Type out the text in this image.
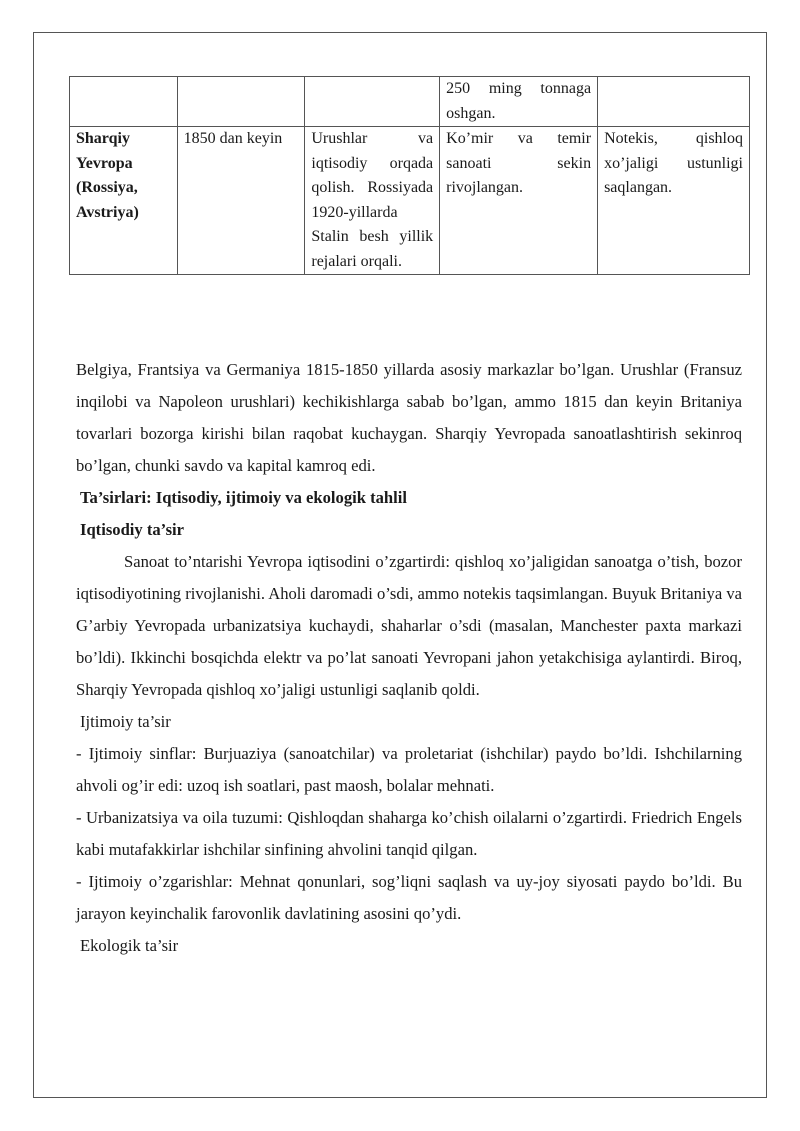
			250 ming tonnaga oshgan.	
Sharqiy Yevropa (Rossiya, Avstriya)	1850 dan keyin	Urushlar va iqtisodiy orqada qolish. Rossiyada 1920-yillarda Stalin besh yillik rejalari orqali.	Ko’mir va temir sanoati sekin rivojlangan.	Notekis, qishloq xo’jaligi ustunligi saqlangan.

Belgiya, Frantsiya va Germaniya 1815-1850 yillarda asosiy markazlar bo’lgan. Urushlar (Fransuz inqilobi va Napoleon urushlari) kechikishlarga sabab bo’lgan, ammo 1815 dan keyin Britaniya tovarlari bozorga kirishi bilan raqobat kuchaygan. Sharqiy Yevropada sanoatlashtirish sekinroq bo’lgan, chunki savdo va kapital kamroq edi.

Ta’sirlari: Iqtisodiy, ijtimoiy va ekologik tahlil
Iqtisodiy ta’sir

Sanoat to’ntarishi Yevropa iqtisodini o’zgartirdi: qishloq xo’jaligidan sanoatga o’tish, bozor iqtisodiyotining rivojlanishi. Aholi daromadi o’sdi, ammo notekis taqsimlangan. Buyuk Britaniya va G’arbiy Yevropada urbanizatsiya kuchaydi, shaharlar o’sdi (masalan, Manchester paxta markazi bo’ldi). Ikkinchi bosqichda elektr va po’lat sanoati Yevropani jahon yetakchisiga aylantirdi. Biroq, Sharqiy Yevropada qishloq xo’jaligi ustunligi saqlanib qoldi.

Ijtimoiy ta’sir

- Ijtimoiy sinflar: Burjuaziya (sanoatchilar) va proletariat (ishchilar) paydo bo’ldi. Ishchilarning ahvoli og’ir edi: uzoq ish soatlari, past maosh, bolalar mehnati.

- Urbanizatsiya va oila tuzumi: Qishloqdan shaharga ko’chish oilalarni o’zgartirdi. Friedrich Engels kabi mutafakkirlar ishchilar sinfining ahvolini tanqid qilgan.

- Ijtimoiy o’zgarishlar: Mehnat qonunlari, sog’liqni saqlash va uy-joy siyosati paydo bo’ldi. Bu jarayon keyinchalik farovonlik davlatining asosini qo’ydi.

Ekologik ta’sir
